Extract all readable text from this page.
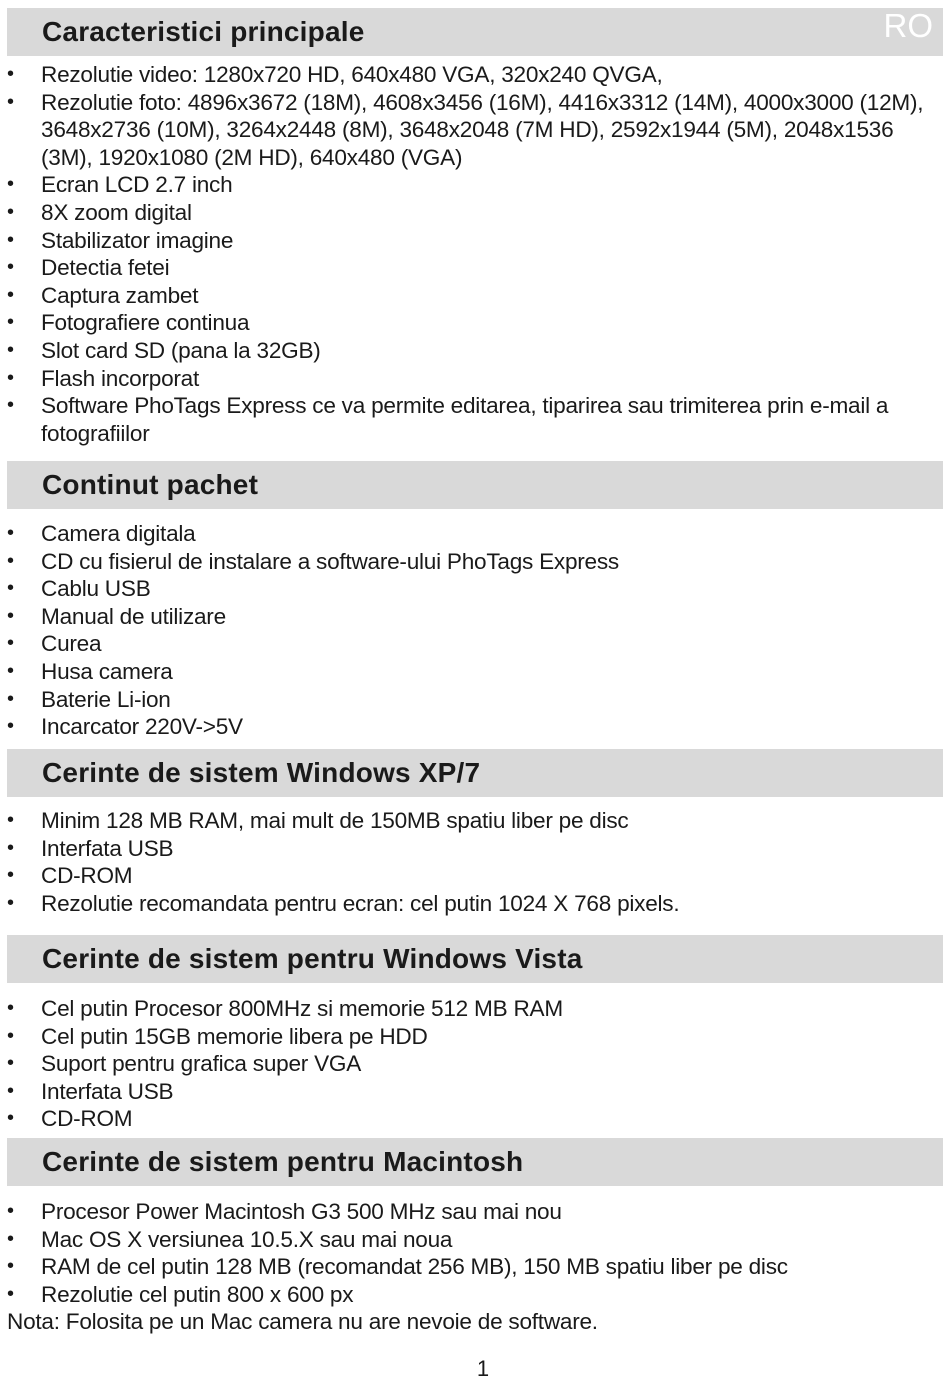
Caracteristici principale	RO
• Rezolutie video: 1280x720 HD, 640x480 VGA, 320x240 QVGA,
• Rezolutie foto: 4896x3672 (18M), 4608x3456 (16M), 4416x3312 (14M), 4000x3000 (12M), 3648x2736 (10M), 3264x2448 (8M), 3648x2048 (7M HD), 2592x1944 (5M), 2048x1536 (3M), 1920x1080 (2M HD), 640x480 (VGA)
• Ecran LCD 2.7 inch
• 8X zoom digital
• Stabilizator imagine
• Detectia fetei
• Captura zambet
• Fotografiere continua
• Slot card SD (pana la 32GB)
• Flash incorporat
• Software PhoTags Express ce va permite editarea, tiparirea sau trimiterea prin e-mail a fotografiilor
Continut pachet
• Camera digitala
• CD cu fisierul de instalare a software-ului PhoTags Express
• Cablu USB
• Manual de utilizare
• Curea
• Husa camera
• Baterie Li-ion
• Incarcator 220V->5V
Cerinte de sistem Windows XP/7
• Minim 128 MB RAM, mai mult de 150MB spatiu liber pe disc
• Interfata USB
• CD-ROM
• Rezolutie recomandata pentru ecran: cel putin 1024 X 768 pixels.
Cerinte de sistem pentru Windows Vista
• Cel putin Procesor 800MHz si memorie 512 MB RAM
• Cel putin 15GB memorie libera pe HDD
• Suport pentru grafica super VGA
• Interfata USB
• CD-ROM
Cerinte de sistem pentru Macintosh
• Procesor Power Macintosh G3 500 MHz sau mai nou
• Mac OS X versiunea 10.5.X sau mai noua
• RAM de cel putin 128 MB (recomandat 256 MB), 150 MB spatiu liber pe disc
• Rezolutie cel putin 800 x 600 px
Nota: Folosita pe un Mac camera nu are nevoie de software.
1
